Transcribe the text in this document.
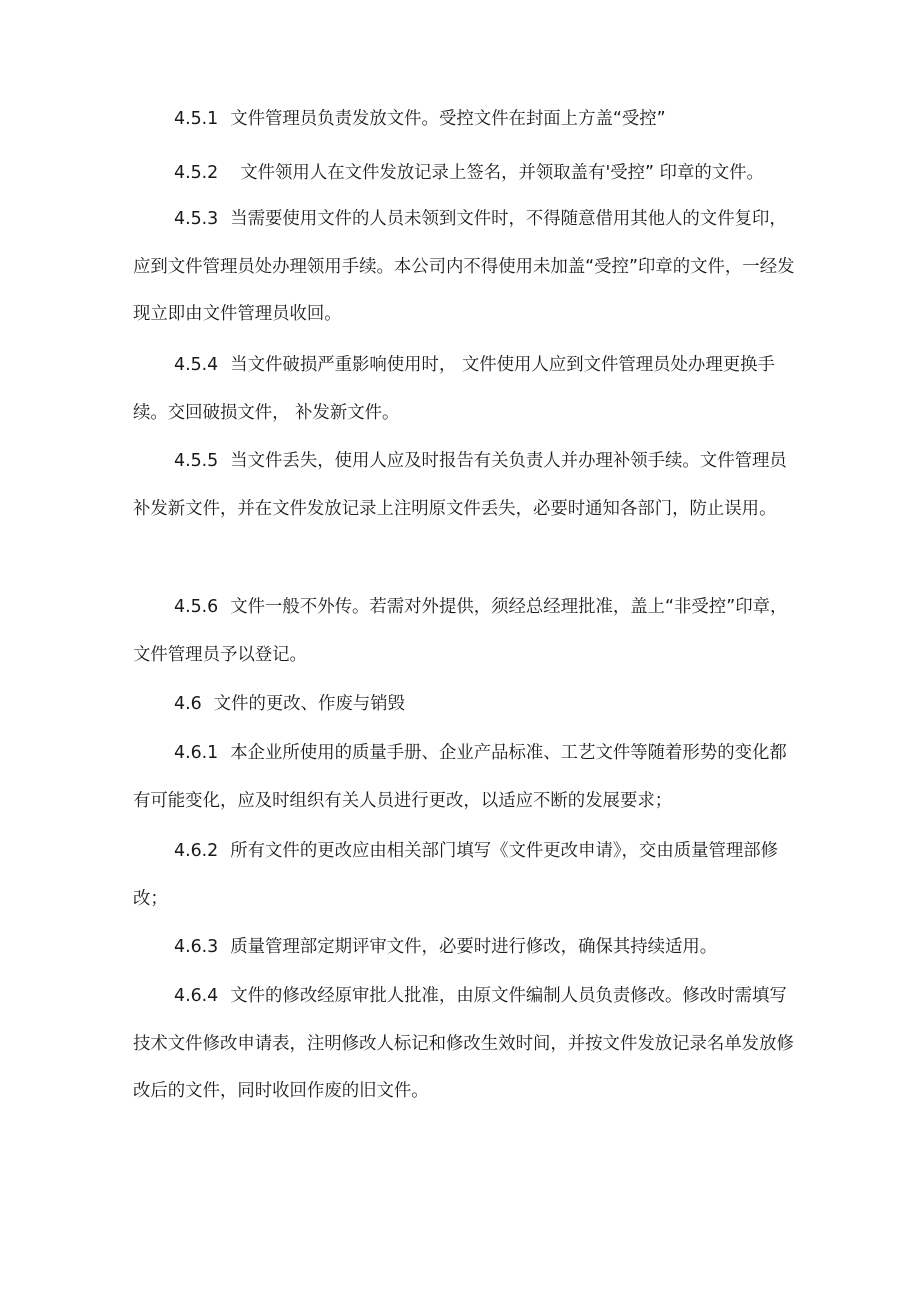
4.5.1 文件管理员负责发放文件。受控文件在封面上方盖“受控”

4.5.2 文件领用人在文件发放记录上签名，并领取盖有'受控” 印章的文件。

4.5.3 当需要使用文件的人员未领到文件时，不得随意借用其他人的文件复印，应到文件管理员处办理领用手续。本公司内不得使用未加盖“受控”印章的文件，一经发现立即由文件管理员收回。

4.5.4 当文件破损严重影响使用时， 文件使用人应到文件管理员处办理更换手续。交回破损文件， 补发新文件。

4.5.5 当文件丢失，使用人应及时报告有关负责人并办理补领手续。文件管理员补发新文件，并在文件发放记录上注明原文件丢失，必要时通知各部门，防止误用。

4.5.6 文件一般不外传。若需对外提供，须经总经理批准，盖上“非受控”印章，文件管理员予以登记。

4.6 文件的更改、作废与销毁

4.6.1 本企业所使用的质量手册、企业产品标准、工艺文件等随着形势的变化都有可能变化，应及时组织有关人员进行更改，以适应不断的发展要求；

4.6.2 所有文件的更改应由相关部门填写《文件更改申请》，交由质量管理部修改；

4.6.3 质量管理部定期评审文件，必要时进行修改，确保其持续适用。

4.6.4 文件的修改经原审批人批准，由原文件编制人员负责修改。修改时需填写技术文件修改申请表，注明修改人标记和修改生效时间，并按文件发放记录名单发放修改后的文件，同时收回作废的旧文件。
